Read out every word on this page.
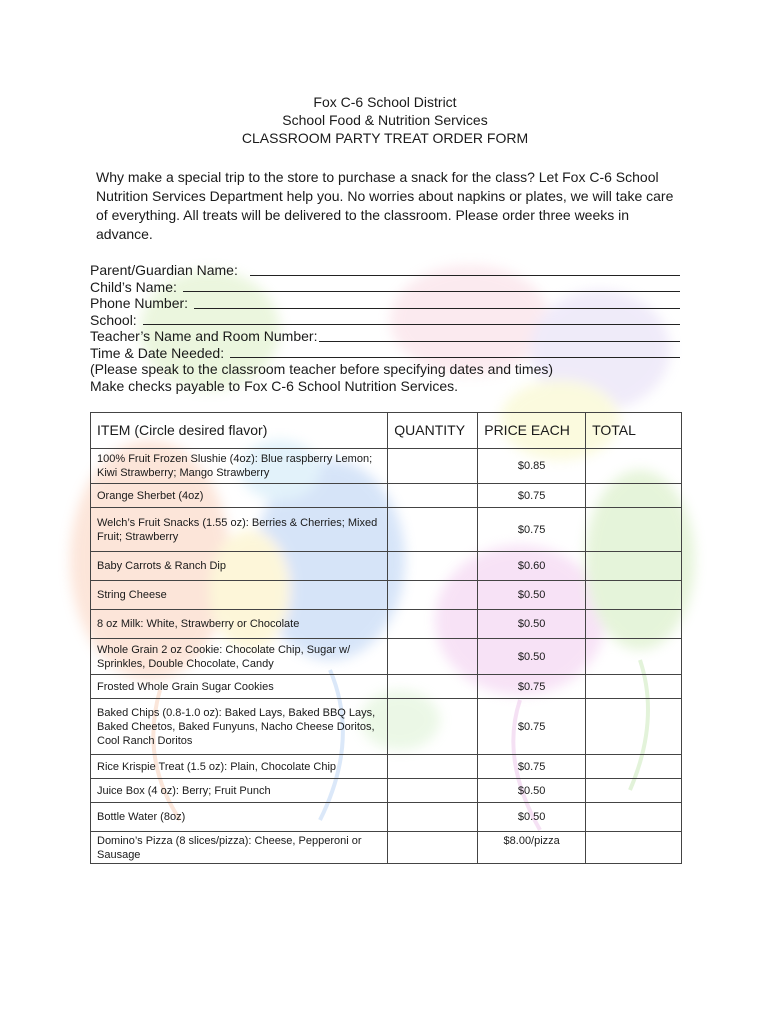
Fox C-6 School District
School Food & Nutrition Services
CLASSROOM PARTY TREAT ORDER FORM
Why make a special trip to the store to purchase a snack for the class? Let Fox C-6 School Nutrition Services Department help you. No worries about napkins or plates, we will take care of everything. All treats will be delivered to the classroom. Please order three weeks in advance.
Parent/Guardian Name:
Child’s Name:
Phone Number:
School:
Teacher’s Name and Room Number:
Time & Date Needed:
(Please speak to the classroom teacher before specifying dates and times)
Make checks payable to Fox C-6 School Nutrition Services.
ITEM (Circle desired flavor)	QUANTITY	PRICE EACH	TOTAL
100% Fruit Frozen Slushie (4oz): Blue raspberry Lemon; Kiwi Strawberry; Mango Strawberry		$0.85	
Orange Sherbet (4oz)		$0.75	
Welch’s Fruit Snacks (1.55 oz): Berries & Cherries; Mixed Fruit; Strawberry		$0.75	
Baby Carrots & Ranch Dip		$0.60	
String Cheese		$0.50	
8 oz Milk: White, Strawberry or Chocolate		$0.50	
Whole Grain 2 oz Cookie: Chocolate Chip, Sugar w/ Sprinkles, Double Chocolate, Candy		$0.50	
Frosted Whole Grain Sugar Cookies		$0.75	
Baked Chips (0.8-1.0 oz): Baked Lays, Baked BBQ Lays, Baked Cheetos, Baked Funyuns, Nacho Cheese Doritos, Cool Ranch Doritos		$0.75	
Rice Krispie Treat (1.5 oz): Plain, Chocolate Chip		$0.75	
Juice Box (4 oz): Berry; Fruit Punch		$0.50	
Bottle Water (8oz)		$0.50	
Domino’s Pizza (8 slices/pizza): Cheese, Pepperoni or Sausage		$8.00/pizza	
